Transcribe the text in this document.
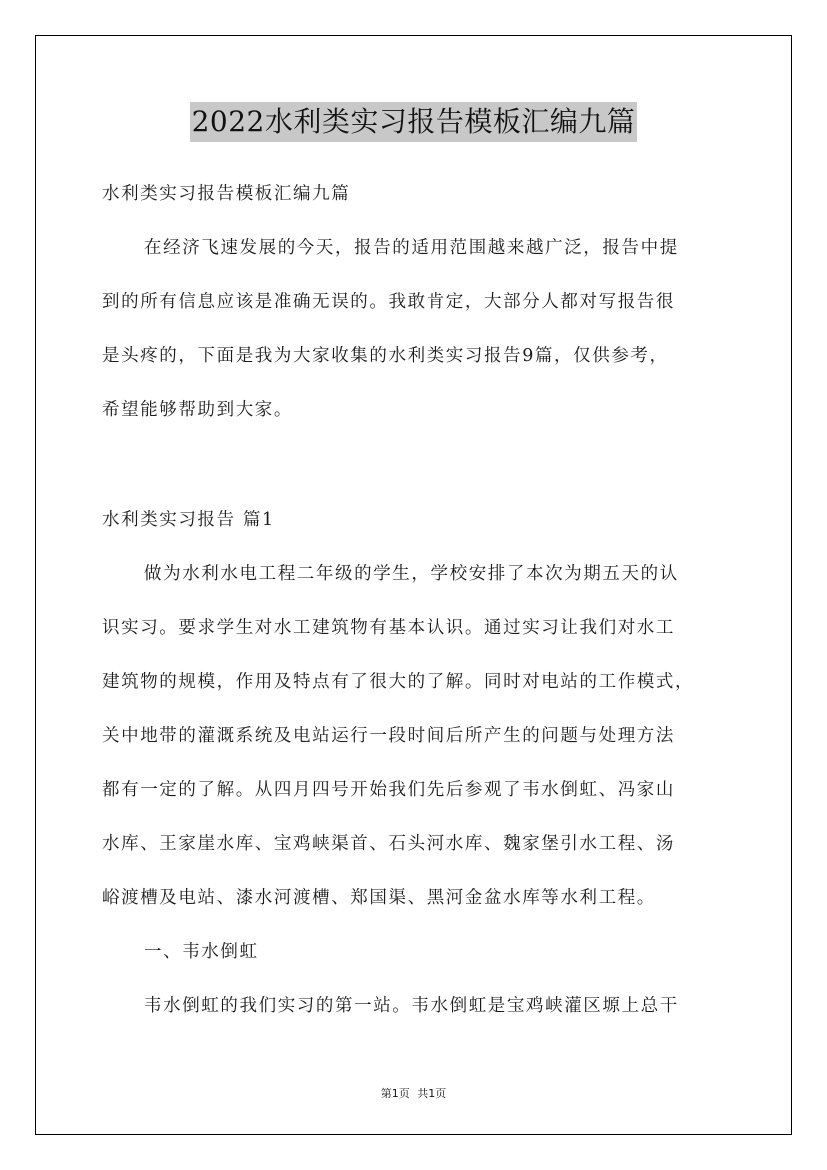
2022水利类实习报告模板汇编九篇
水利类实习报告模板汇编九篇
在经济飞速发展的今天，报告的适用范围越来越广泛，报告中提
到的所有信息应该是准确无误的。我敢肯定，大部分人都对写报告很
是头疼的，下面是我为大家收集的水利类实习报告9篇，仅供参考，
希望能够帮助到大家。
水利类实习报告 篇1
做为水利水电工程二年级的学生，学校安排了本次为期五天的认
识实习。要求学生对水工建筑物有基本认识。通过实习让我们对水工
建筑物的规模，作用及特点有了很大的了解。同时对电站的工作模式，
关中地带的灌溉系统及电站运行一段时间后所产生的问题与处理方法
都有一定的了解。从四月四号开始我们先后参观了韦水倒虹、冯家山
水库、王家崖水库、宝鸡峡渠首、石头河水库、魏家堡引水工程、汤
峪渡槽及电站、漆水河渡槽、郑国渠、黑河金盆水库等水利工程。
一、韦水倒虹
韦水倒虹的我们实习的第一站。韦水倒虹是宝鸡峡灌区塬上总干
第1页 共1页
